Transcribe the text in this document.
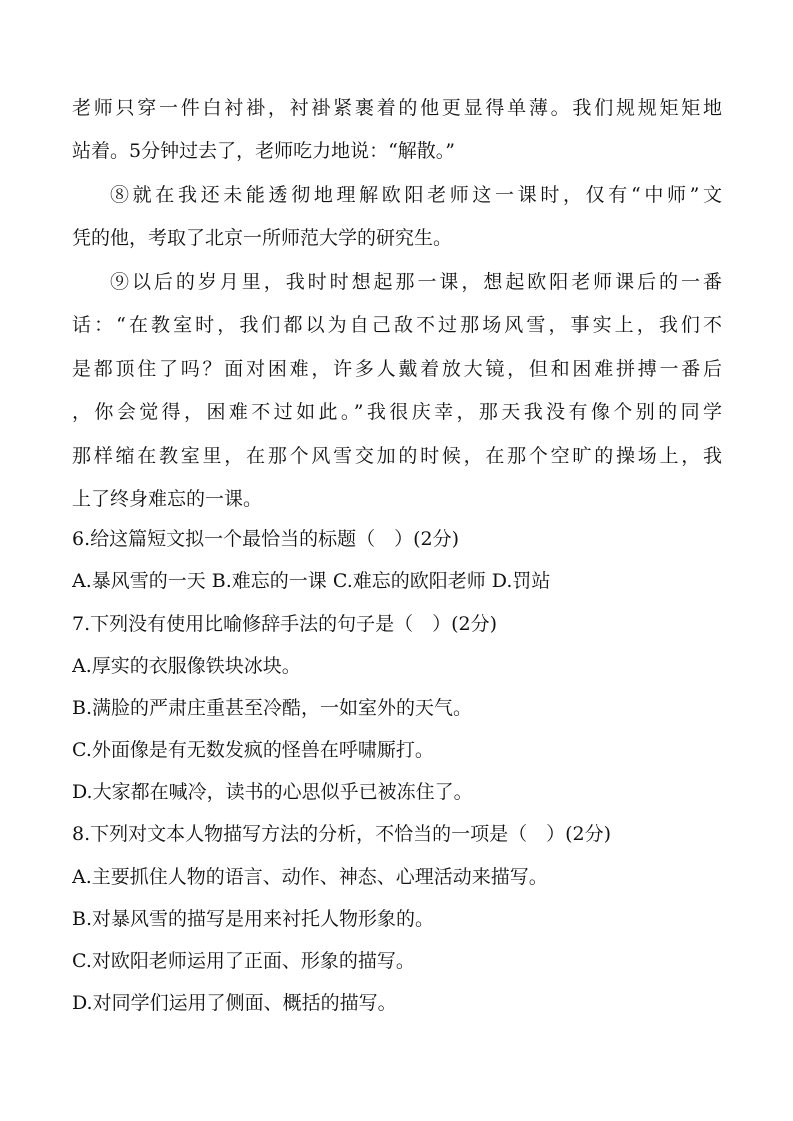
老师只穿一件白衬褂，衬褂紧裹着的他更显得单薄。我们规规矩矩地
站着。5分钟过去了，老师吃力地说：“解散。”
⑧就在我还未能透彻地理解欧阳老师这一课时，仅有“中师”文
凭的他，考取了北京一所师范大学的研究生。
⑨以后的岁月里，我时时想起那一课，想起欧阳老师课后的一番
话：“在教室时，我们都以为自己敌不过那场风雪，事实上，我们不
是都顶住了吗？面对困难，许多人戴着放大镜，但和困难拼搏一番后
，你会觉得，困难不过如此。”我很庆幸，那天我没有像个别的同学
那样缩在教室里，在那个风雪交加的时候，在那个空旷的操场上，我
上了终身难忘的一课。
6.给这篇短文拟一个最恰当的标题（　）(2分)
A.暴风雪的一天 B.难忘的一课 C.难忘的欧阳老师 D.罚站
7.下列没有使用比喻修辞手法的句子是（　）(2分)
A.厚实的衣服像铁块冰块。
B.满脸的严肃庄重甚至冷酷，一如室外的天气。
C.外面像是有无数发疯的怪兽在呼啸厮打。
D.大家都在喊冷，读书的心思似乎已被冻住了。
8.下列对文本人物描写方法的分析，不恰当的一项是（　）(2分)
A.主要抓住人物的语言、动作、神态、心理活动来描写。
B.对暴风雪的描写是用来衬托人物形象的。
C.对欧阳老师运用了正面、形象的描写。
D.对同学们运用了侧面、概括的描写。
